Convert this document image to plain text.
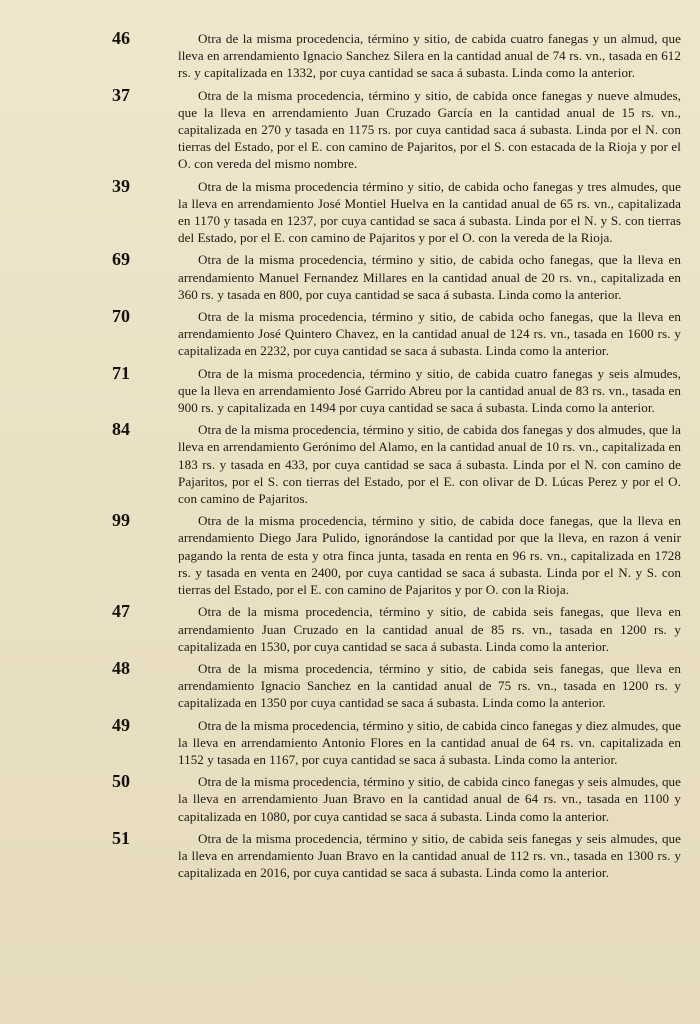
46	Otra de la misma procedencia, término y sitio, de cabida cuatro fanegas y un almud, que lleva en arrendamiento Ignacio Sanchez Silera en la cantidad anual de 74 rs. vn., tasada en 612 rs. y capitalizada en 1332, por cuya cantidad se saca á subasta. Linda como la anterior.
37	Otra de la misma procedencia, término y sitio, de cabida once fanegas y nueve almudes, que la lleva en arrendamiento Juan Cruzado García en la cantidad anual de 15 rs. vn., capitalizada en 270 y tasada en 1175 rs. por cuya cantidad saca á subasta. Linda por el N. con tierras del Estado, por el E. con camino de Pajaritos, por el S. con estacada de la Rioja y por el O. con vereda del mismo nombre.
39	Otra de la misma procedencia término y sitio, de cabida ocho fanegas y tres almudes, que la lleva en arrendamiento José Montiel Huelva en la cantidad anual de 65 rs. vn., capitalizada en 1170 y tasada en 1237, por cuya cantidad se saca á subasta. Linda por el N. y S. con tierras del Estado, por el E. con camino de Pajaritos y por el O. con la vereda de la Rioja.
69	Otra de la misma procedencia, término y sitio, de cabida ocho fanegas, que la lleva en arrendamiento Manuel Fernandez Millares en la cantidad anual de 20 rs. vn., capitalizada en 360 rs. y tasada en 800, por cuya cantidad se saca á subasta. Linda como la anterior.
70	Otra de la misma procedencia, término y sitio, de cabida ocho fanegas, que la lleva en arrendamiento José Quintero Chavez, en la cantidad anual de 124 rs. vn., tasada en 1600 rs. y capitalizada en 2232, por cuya cantidad se saca á subasta. Linda como la anterior.
71	Otra de la misma procedencia, término y sitio, de cabida cuatro fanegas y seis almudes, que la lleva en arrendamiento José Garrido Abreu por la cantidad anual de 83 rs. vn., tasada en 900 rs. y capitalizada en 1494 por cuya cantidad se saca á subasta. Linda como la anterior.
84	Otra de la misma procedencia, término y sitio, de cabida dos fanegas y dos almudes, que la lleva en arrendamiento Gerónimo del Alamo, en la cantidad anual de 10 rs. vn., capitalizada en 183 rs. y tasada en 433, por cuya cantidad se saca á subasta. Linda por el N. con camino de Pajaritos, por el S. con tierras del Estado, por el E. con olivar de D. Lúcas Perez y por el O. con camino de Pajaritos.
99	Otra de la misma procedencia, término y sitio, de cabida doce fanegas, que la lleva en arrendamiento Diego Jara Pulido, ignorándose la cantidad por que la lleva, en razon á venir pagando la renta de esta y otra finca junta, tasada en renta en 96 rs. vn., capitalizada en 1728 rs. y tasada en venta en 2400, por cuya cantidad se saca á subasta. Linda por el N. y S. con tierras del Estado, por el E. con camino de Pajaritos y por O. con la Rioja.
47	Otra de la misma procedencia, término y sitio, de cabida seis fanegas, que lleva en arrendamiento Juan Cruzado en la cantidad anual de 85 rs. vn., tasada en 1200 rs. y capitalizada en 1530, por cuya cantidad se saca á subasta. Linda como la anterior.
48	Otra de la misma procedencia, término y sitio, de cabida seis fanegas, que lleva en arrendamiento Ignacio Sanchez en la cantidad anual de 75 rs. vn., tasada en 1200 rs. y capitalizada en 1350 por cuya cantidad se saca á subasta. Linda como la anterior.
49	Otra de la misma procedencia, término y sitio, de cabida cinco fanegas y diez almudes, que la lleva en arrendamiento Antonio Flores en la cantidad anual de 64 rs. vn. capitalizada en 1152 y tasada en 1167, por cuya cantidad se saca á subasta. Linda como la anterior.
50	Otra de la misma procedencia, término y sitio, de cabida cinco fanegas y seis almudes, que la lleva en arrendamiento Juan Bravo en la cantidad anual de 64 rs. vn., tasada en 1100 y capitalizada en 1080, por cuya cantidad se saca á subasta. Linda como la anterior.
51	Otra de la misma procedencia, término y sitio, de cabida seis fanegas y seis almudes, que la lleva en arrendamiento Juan Bravo en la cantidad anual de 112 rs. vn., tasada en 1300 rs. y capitalizada en 2016, por cuya cantidad se saca á subasta. Linda como la anterior.
